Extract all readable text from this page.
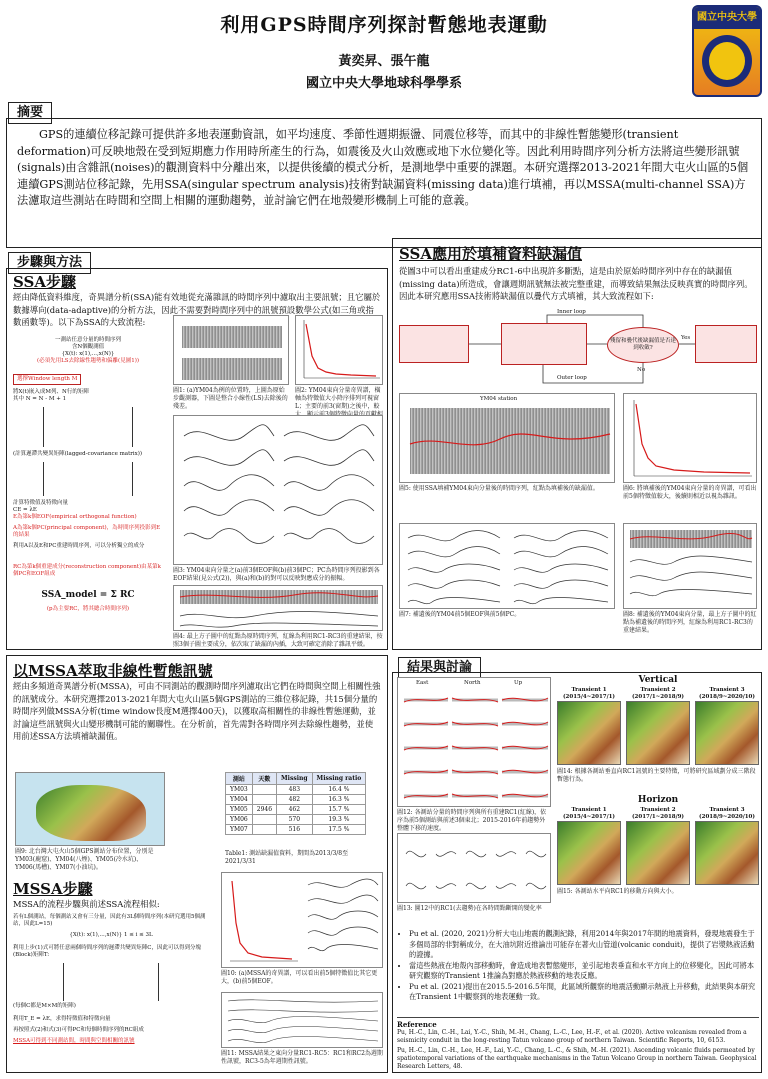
利用GPS時間序列探討暫態地表運動
黃奕昇、張午龍
國立中央大學地球科學學系
國立中央大學
摘要

GPS的連續位移記錄可提供許多地表運動資訊，如平均速度、季節性週期振盪、同震位移等，而其中的非線性暫態變形(transient deformation)可反映地殼在受到短期應力作用時所產生的行為，如震後及火山效應或地下水位變化等。因此利用時間序列分析方法將這些變形訊號(signals)由含雜訊(noises)的觀測資料中分離出來，以提供後續的模式分析，是測地學中重要的課題。本研究選擇2013-2021年間大屯火山區的5個連續GPS測站位移記錄，先用SSA(singular spectrum analysis)技術對缺漏資料(missing data)進行填補，再以MSSA(multi-channel SSA)方法濾取這些測站在時間和空間上相關的運動趨勢，並討論它們在地殼變形機制上可能的意義。

步驟與方法
SSA步驟
經由降低資料維度，奇異譜分析(SSA)能有效地從充滿雜訊的時間序列中濾取出主要訊號；且它屬於數據導向(data-adaptive)的分析方法，因此不需要對時間序列中的訊號預設數學公式(如三角或指數函數等)。以下為SSA的大致流程:
一測站任意分量的時間序列
含N個觀測值
{X(t): x(1),...,x(N)}
(必須先用LS去除線性趨勢和偏離(見圖1))
選擇Window length M
將X(t)嵌入成M列、N行的矩陣
其中 N = N - M + 1
(計算遲滯共變異矩陣(lagged-covariance matrix))
計算特徵值及特徵向量
CE = λE
E為第k個EOF(empirical orthogonal function)
A為第k個PC(principal component)，為時間序列投影到E的結果
利用A以及E和PC重建時間序列，可以分析獨立的成分
RC為第k個重建成分(reconstruction component)由某第k個PC和EOF組成
SSA_model = Σ RC
(p為主要RC，將其總合時間序列)
圖1: (a)YM04為例的位置時，上圖為原始步觀測器，下圖是整合小線性(LS)去除後的殘差。
圖2: YM04東向分量奇異譜，橫軸為特徵值大小降序排列可視窗L；主要的前3(窗期)之後中，較
圖3: YM04東向分量之(a)前3個EOF與(b)前3個PC；PC為時間序列投影到各EOF結果(見公式(2))，與(a)和(b)的對可以反映對應成分的振幅。
圖4: 最上方子圖中的紅點為原時間序列，紅線為利用RC1-RC3的重建結果，按照3個子圖主要成分，依次取了缺漏的內插，大致可確定消除了雜訊平緩。
SSA應用於填補資料缺漏值
從圖3中可以看出重建成分RC1-6中出現許多斷點，這是由於原始時間序列中存在的缺漏值(missing data)所造成，會讓週期訊號無法被完整重建，而導致結果無法反映真實的時間序列。因此本研究應用SSA技術將缺漏值以疊代方式填補，其大致流程如下:
Inner loop
Outer loop
殘留和疊代後缺漏值是否達到收斂?
Yes
No
YM04 station
圖5: 使用SSA填補YM04東向分量後的時間序列，紅點為填補後的缺漏值。	圖6: 將填補後的YM04東向分量的奇異譜，可看出前5個特徵值較大，後續則相近以視為雜訊。
圖7: 補遺後的YM04前5個EOF與前5個PC。	圖8: 補遺後的YM04東向分量，最上方子圖中的紅點為補遺後的時間序列，紅線為利用RC1-RC3的重建結果。
以MSSA萃取非線性暫態訊號
經由多頻道奇異譜分析(MSSA)，可由不同測站的觀測時間序列濾取出它們在時間與空間上相關性強的訊號成分。本研究選擇2013-2021年間大屯火山區5個GPS測站的三維位移記錄，共15個分量的時間序列做MSSA分析(time window長度M選擇400天)，以獲取高相關性的非線性暫態運動，並討論這些訊號與火山變形機制可能的關聯性。在分析前，首先需對各時間序列去除線性趨勢，並使用前述SSA方法填補缺漏值。
圖9: 北台灣大屯火山5個GPS測站分布位置，分別是YM03(鹿窟)、YM04(八煙)、YM05(冷水坑)、YM06(馬槽)、YM07(小油坑)。
測站	天數	Missing	Missing ratio
YM03		483	16.4 %
YM04		482	16.3 %
YM05	2946	462	15.7 %
YM06		570	19.3 %
YM07		516	17.5 %
Table1: 測站缺漏值資料，期間為2013/3/8至2021/3/31
MSSA步驟
MSSA的流程步驟與前述SSA流程相似:
若有L個測站，每個測站又會有三分量，因此有3L個時間序列(本研究選用5個測站，因此L=15)
{X(t): x(1),...,x(N)} 1 ≤ i ≤ 3L
利用上步(1)式可將任意兩個時間序列的遲滯共變異矩陣C，因此可以得到分塊(Block)矩陣T:
(每個C都是M×M的矩陣)
利用T_E = λE，求得特徵值和特徵向量
再按照式(2)和式(3)可得PC和每個時間序列的RC組成
MSSA可得到不同測站間，時間與空間相關的訊號
圖10: (a)MSSA的奇異譜，可以看出前5個特徵值比其它更大，(b)前5個EOF。
圖11: MSSA結果之東向分量RC1-RC5：RC1和RC2為週期性訊號，RC3-5為年週期性訊號。
結果與討論
East	North	Up
圖12: 各測站分量的時間序列與所有重建RC1(紅線)，依序為前5個測站與前述3個東北；2015-2016年前趨勢外整體下移的速度。
圖13: 圖12中的RC1(去趨勢)在各時間點斷開的變化率
Vertical
Transient 1 (2015/4~2017/1)
Transient 2 (2017/1~2018/9)
Transient 3 (2018/9~2020/10)
圖14: 根據各測站垂直向RC1訊號的主要特徵，可將研究區域劃分成三階段暫態行為。
Horizon
Transient 1 (2015/4~2017/1)
Transient 2 (2017/1~2018/9)
Transient 3 (2018/9~2020/10)
圖15: 各測站水平向RC1的移動方向與大小。
• Pu et al. (2020, 2021)分析大屯山地震的觀測紀錄，利用2014年與2017年間的地震資料，發現地震發生于多個局部的非對稱成分，在大油坑附近推論出可能存在著火山管道(volcanic conduit)，提供了岩漿熱液活動的證據。
• 當這些熱液在地殼內部移動時，會造成地表暫態變形，並引起地表垂直和水平方向上的位移變化，因此可將本研究觀察的Transient 1推論為對應於熱液移動的地表反應。
• Pu et al. (2021)提出在2015.5-2016.5年間，此區域所觀察的地震活動顯示熱液上升移動，此結果與本研究在Transient 1中觀察到的地表運動一致。
Reference
Pu, H.-C., Lin, C.-H., Lai, Y.-C., Shih, M.-H., Chang, L.-C., Lee, H.-F., et al. (2020). Active volcanism revealed from a seismicity conduit in the long-resting Tatun volcano group of northern Taiwan. Scientific Reports, 10, 6153.
Pu, H.-C., Lin, C.-H., Lee, H.-F., Lai, Y.-C., Chang, L.-C., & Shih, M.-H. (2021). Ascending volcanic fluids permeated by spatiotemporal variations of the earthquake mechanisms in the Tatun Volcano Group in northern Taiwan. Geophysical Research Letters, 48.
